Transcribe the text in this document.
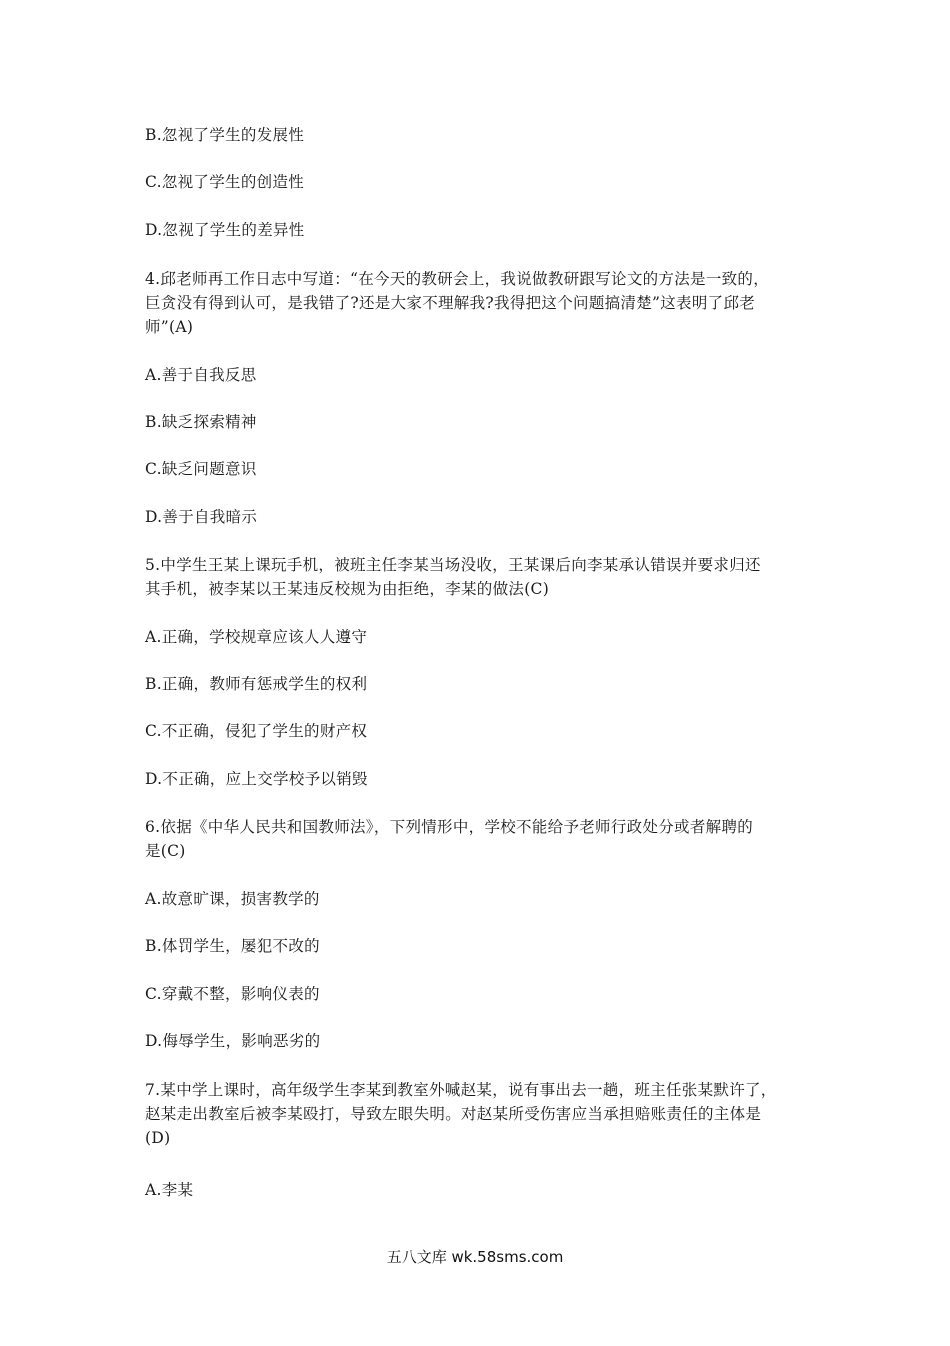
B.忽视了学生的发展性
C.忽视了学生的创造性
D.忽视了学生的差异性
4.邱老师再工作日志中写道：“在今天的教研会上，我说做教研跟写论文的方法是一致的，
巨贪没有得到认可，是我错了?还是大家不理解我?我得把这个问题搞清楚”这表明了邱老
师”(A)
A.善于自我反思
B.缺乏探索精神
C.缺乏问题意识
D.善于自我暗示
5.中学生王某上课玩手机，被班主任李某当场没收，王某课后向李某承认错误并要求归还
其手机，被李某以王某违反校规为由拒绝，李某的做法(C)
A.正确，学校规章应该人人遵守
B.正确，教师有惩戒学生的权利
C.不正确，侵犯了学生的财产权
D.不正确，应上交学校予以销毁
6.依据《中华人民共和国教师法》，下列情形中，学校不能给予老师行政处分或者解聘的
是(C)
A.故意旷课，损害教学的
B.体罚学生，屡犯不改的
C.穿戴不整，影响仪表的
D.侮辱学生，影响恶劣的
7.某中学上课时，高年级学生李某到教室外喊赵某，说有事出去一趟，班主任张某默许了，
赵某走出教室后被李某殴打，导致左眼失明。对赵某所受伤害应当承担赔账责任的主体是
(D)
A.李某
五八文库 wk.58sms.com
